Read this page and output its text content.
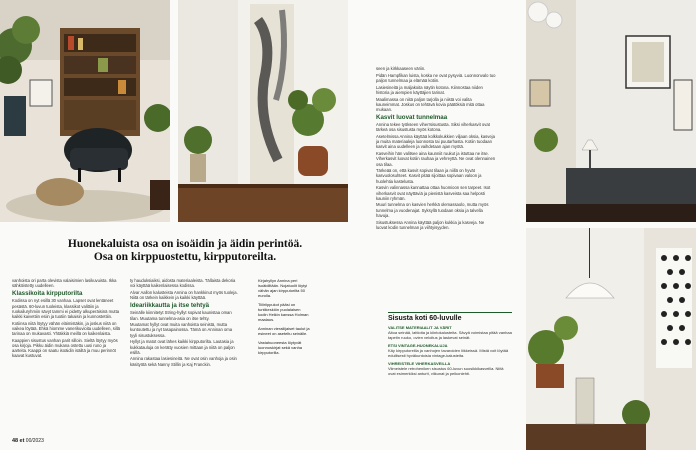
Huonekaluista osa on isoäidin ja äidin perintöä.
Osa on kirppuostettu, kirpputoreilta.

vanhoista ori parta olevista valaisimien lasikuvuista. Ikka sähköistetty uudelleen.

Klassikoita kirpputorilta

Kodissa on nyt esillä 30 vanhaa. Lapset ovat lentäneet pesästä. 60-luvun tuoleista, klassikot valittiin ja ruokailuryhmiin sävyt tammi ei pidetty alkuperäisinä mutta kaikki kaivettiin esiin ja tuotiin takaisin ja kunnostettiin.

Kotiinsa niitä löytyy vähän eläimistäkin, ja joskus niitä on vaikea löytää. Ehkä hiomme vanerikuvioita uudelleen, sillä tarinaa on mukavasti. Yhtäkkiä meillä on kaikenlaista.

Kaappien sisustus vanhan parit silloin. Sieltä löytyy myös osa kirjoja. Pikku äidin mukana ostettu uusi runo ja aarteita. Kaappi on saatu isoäidin isäiltä ja muu perinnöt kaavat kustuvat.

ty hauduksiaiksi, aidosta materiaaleista. Tällaista dekoria voi käyttää kaikenlaisessa kodissa.

Alvar Aallon kalusteista Annina on hankkinut myös tuoleja. Niitä on tärkein kaikkein ja kaikki käyttää.

Ideariikkautta ja itse tehtyä

Seinälle kiinnitetyt String-hyllyt sopivat kaunistaa oman tilan. Muutama tunnelma-asia on itse tehty.

Muutamat hyllyt ovat muita vanhoista seinistä, mutta kuntoutettu ja nyt tasapainossa. Tämä on Anninan oma tyyli sisustuksessa.

Hyllyt ja matot ovat lähes kaikki kirpputorilta. Lautasia ja kukkatauluja on kerätty vuosien mittaan ja niitä on paljon esillä.

Annina rakastaa lasiesineitä. Ne ovat osin vanhoja ja osin käsityötä sekä Nanny Stillin ja Kaj Franckin.

Kirjahyllyn Annina peri isoäidiltään. Nojatuolit löytyi vähän ajan kirpputorilta 50 eurolla.
Tiiliriippukot pääsi on tuntikeskiön puolalaisen kodin Heikin kanssa Holman maalaus.
Anninan vierailijaiset taulut ja esineet on aseteltu seinälle.
Vastahuoneesta löytyvät luonnoskirjat sekä vanha kirpputorilla.
48 et 00/2023

seen ja kirkkaaseen väriin.

Pidän Hampfikan luista, koska ne ovat pysyviä. Luonnonvalo tuo paljon tunnelmaa ja elämää kotiin.

Lasiesineitä ja maljakoita näytin kotona. Kiinnostaa niiden historia ja aiempien käyttäjien tarinat.

Maalimassa on niitä paljon tarjolla ja niistä voi valita kauneimmat. Joskus on tehtävä kovia päätöksiä mitä ottaa mukaan.

Kasvit luovat tunnelmaa

Annina tekee työkseen viherrsisustusta. Siksi viherkasvit ovat tärkeä osa sisustusta myös kotona.

Asetelmissa Annina käyttää kolkkokukkien viljaan oksia, kasveja ja muita materiaaleja luonnosta tai puutarhasta. Kotiin tuodaan kasvit aina uudelleen ja vaihdetaan ajan myötä.

Kasveihin hän valitsee aina kaunniit ruukut ja istuttaa ne itse. Viherkasvit luovat kotiin rauhaa ja vehreyttä. Ne ovat olennainen osa tilaa.

Tärkeää on, että kasvit sopivat tilaan ja niillä on hyvät kasvuolosuhteet. Kasvit pitää sijoittaa sopivaan valoon ja huolehtia kastelusta.

Kasvin valinnassa kannattaa ottaa huomioon sen tarpeet. Isot viherkasvit ovat näyttäviä ja pienistä kasveista saa helposti kauniin ryhmän.

Muuri tunnelma on kasvien herkkä olemassaolo, mutta myös tunnelma ja vuodenajat. Syksyllä tuodaan oksia ja talvella havuja.

Sisustuksessa Annina käyttää paljon kukkia ja kasveja. Ne luovat kodin tunnelman ja viihtyisyyden.

Sisusta koti 60-luvulle
VALITSE MATERIAALIT JA VÄRIT
Aitoa seinää, lattioita ja kiintokalusteita. Sävyä voimistaa pitää vanhaa tapetin ruuko, ovien veloitus ja laskevat seinät.
ETSI VINTAGE-HUONEKALUJA
Käy kirpputoreilla ja vanhojen tavaroiden liikkeissä. Mistä voit löytää edullisesti hyväkuntoisia vintage-kalusteita.
VIHREISTELE VIHERKASVEILLA
Viimeistele retroheniken sisustus 60-luvun suosikkikasveilla. Niitä ovat esimerkiksi anturit, viikunat ja peikonlehti.
